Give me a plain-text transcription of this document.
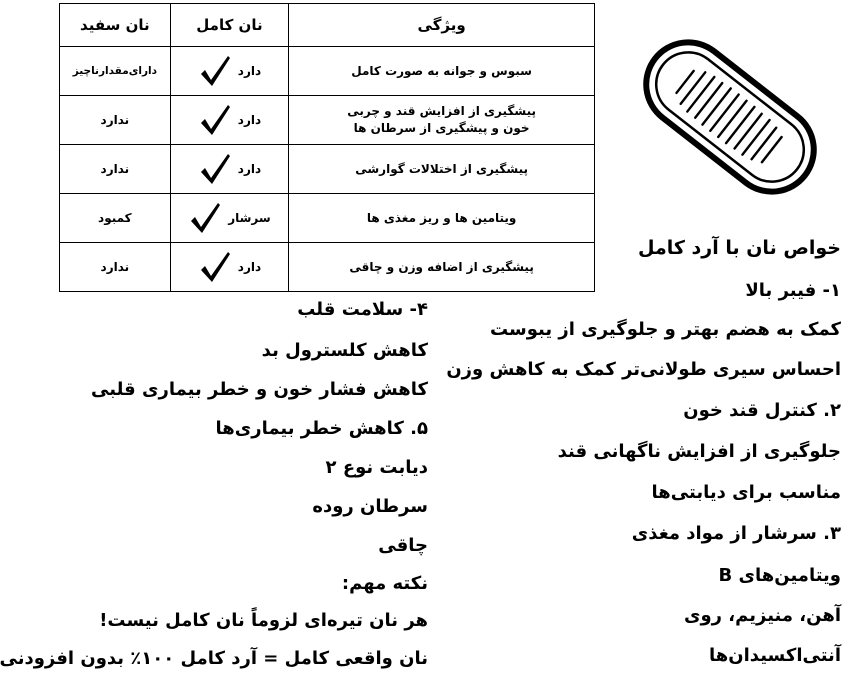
ویژگی	نان کامل	نان سفید
سبوس و جوانه به صورت کامل	دارد	دارای‌مقدارناچیز
پیشگیری از افزایش قند و چربی
خون و پیشگیری از سرطان ها	دارد	ندارد
پیشگیری از اختلالات گوارشی	دارد	ندارد
ویتامین ها و ریز مغذی ها	سرشار	کمبود
پیشگیری از اضافه وزن و چاقی	دارد	ندارد
خواص نان با آرد کامل
۱- فیبر بالا
کمک به هضم بهتر و جلوگیری از یبوست
احساس سیری طولانی‌تر کمک به کاهش وزن
۲. کنترل قند خون
جلوگیری از افزایش ناگهانی قند
مناسب برای دیابتی‌ها
۳. سرشار از مواد مغذی
ویتامین‌های B
آهن، منیزیم، روی
آنتی‌اکسیدان‌ها
۴- سلامت قلب
کاهش کلسترول بد
کاهش فشار خون و خطر بیماری قلبی
۵. کاهش خطر بیماری‌ها
دیابت نوع ۲
سرطان روده
چاقی
نکته مهم:
هر نان تیره‌ای لزوماً نان کامل نیست!
نان واقعی کامل = آرد کامل ۱۰۰٪ بدون افزودنی
